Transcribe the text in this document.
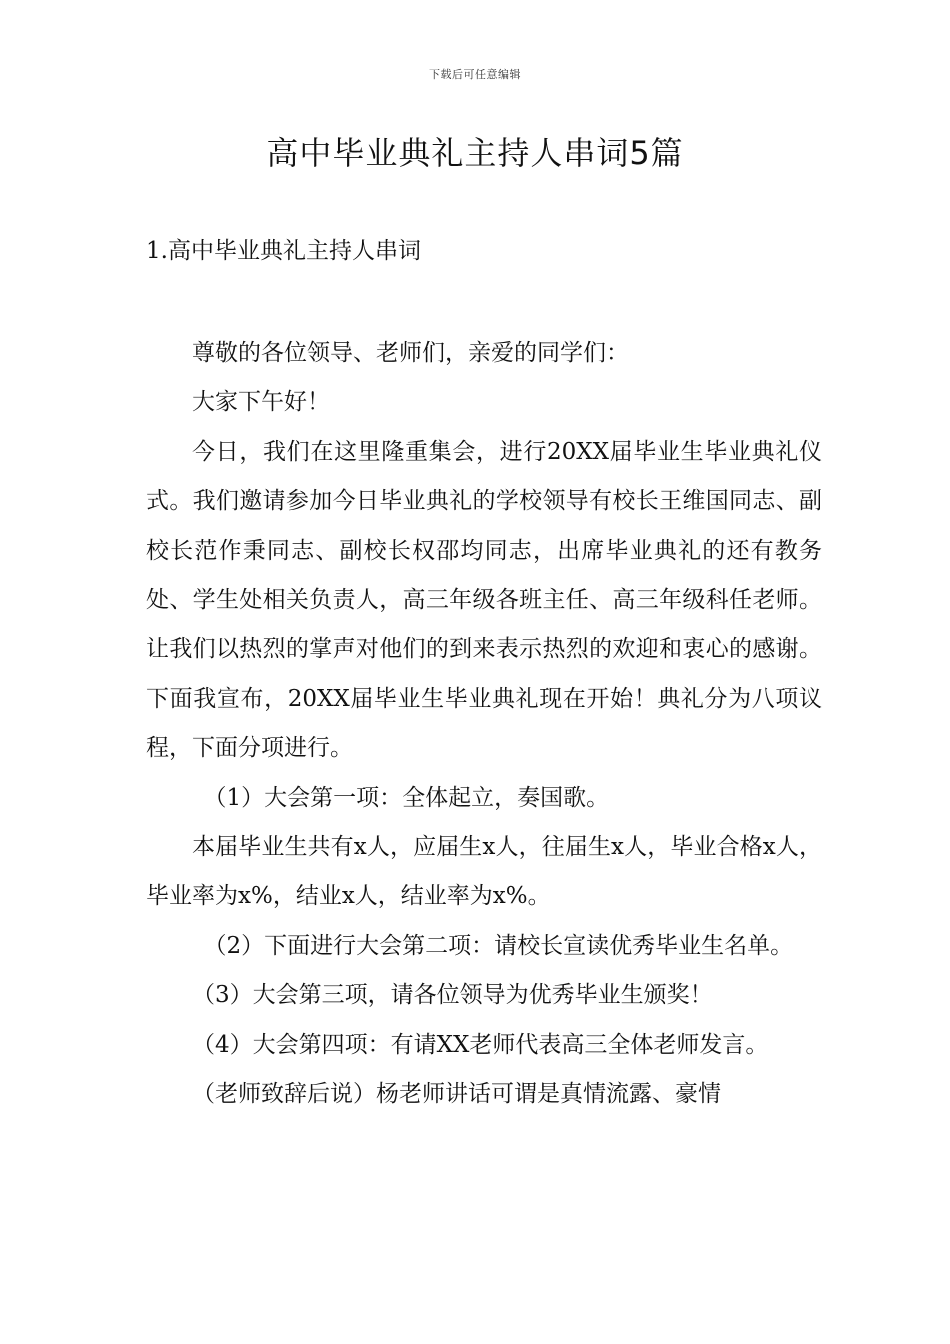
下载后可任意编辑
高中毕业典礼主持人串词5篇
1.高中毕业典礼主持人串词

尊敬的各位领导、老师们，亲爱的同学们：

大家下午好！

今日，我们在这里隆重集会，进行20XX届毕业生毕业典礼仪式。我们邀请参加今日毕业典礼的学校领导有校长王维国同志、副校长范作秉同志、副校长权邵均同志，出席毕业典礼的还有教务处、学生处相关负责人，高三年级各班主任、高三年级科任老师。让我们以热烈的掌声对他们的到来表示热烈的欢迎和衷心的感谢。下面我宣布，20XX届毕业生毕业典礼现在开始！典礼分为八项议程，下面分项进行。

（1）大会第一项：全体起立，奏国歌。

本届毕业生共有x人，应届生x人，往届生x人，毕业合格x人，毕业率为x%，结业x人，结业率为x%。

（2）下面进行大会第二项：请校长宣读优秀毕业生名单。

（3）大会第三项，请各位领导为优秀毕业生颁奖！

（4）大会第四项：有请XX老师代表高三全体老师发言。

（老师致辞后说）杨老师讲话可谓是真情流露、豪情
